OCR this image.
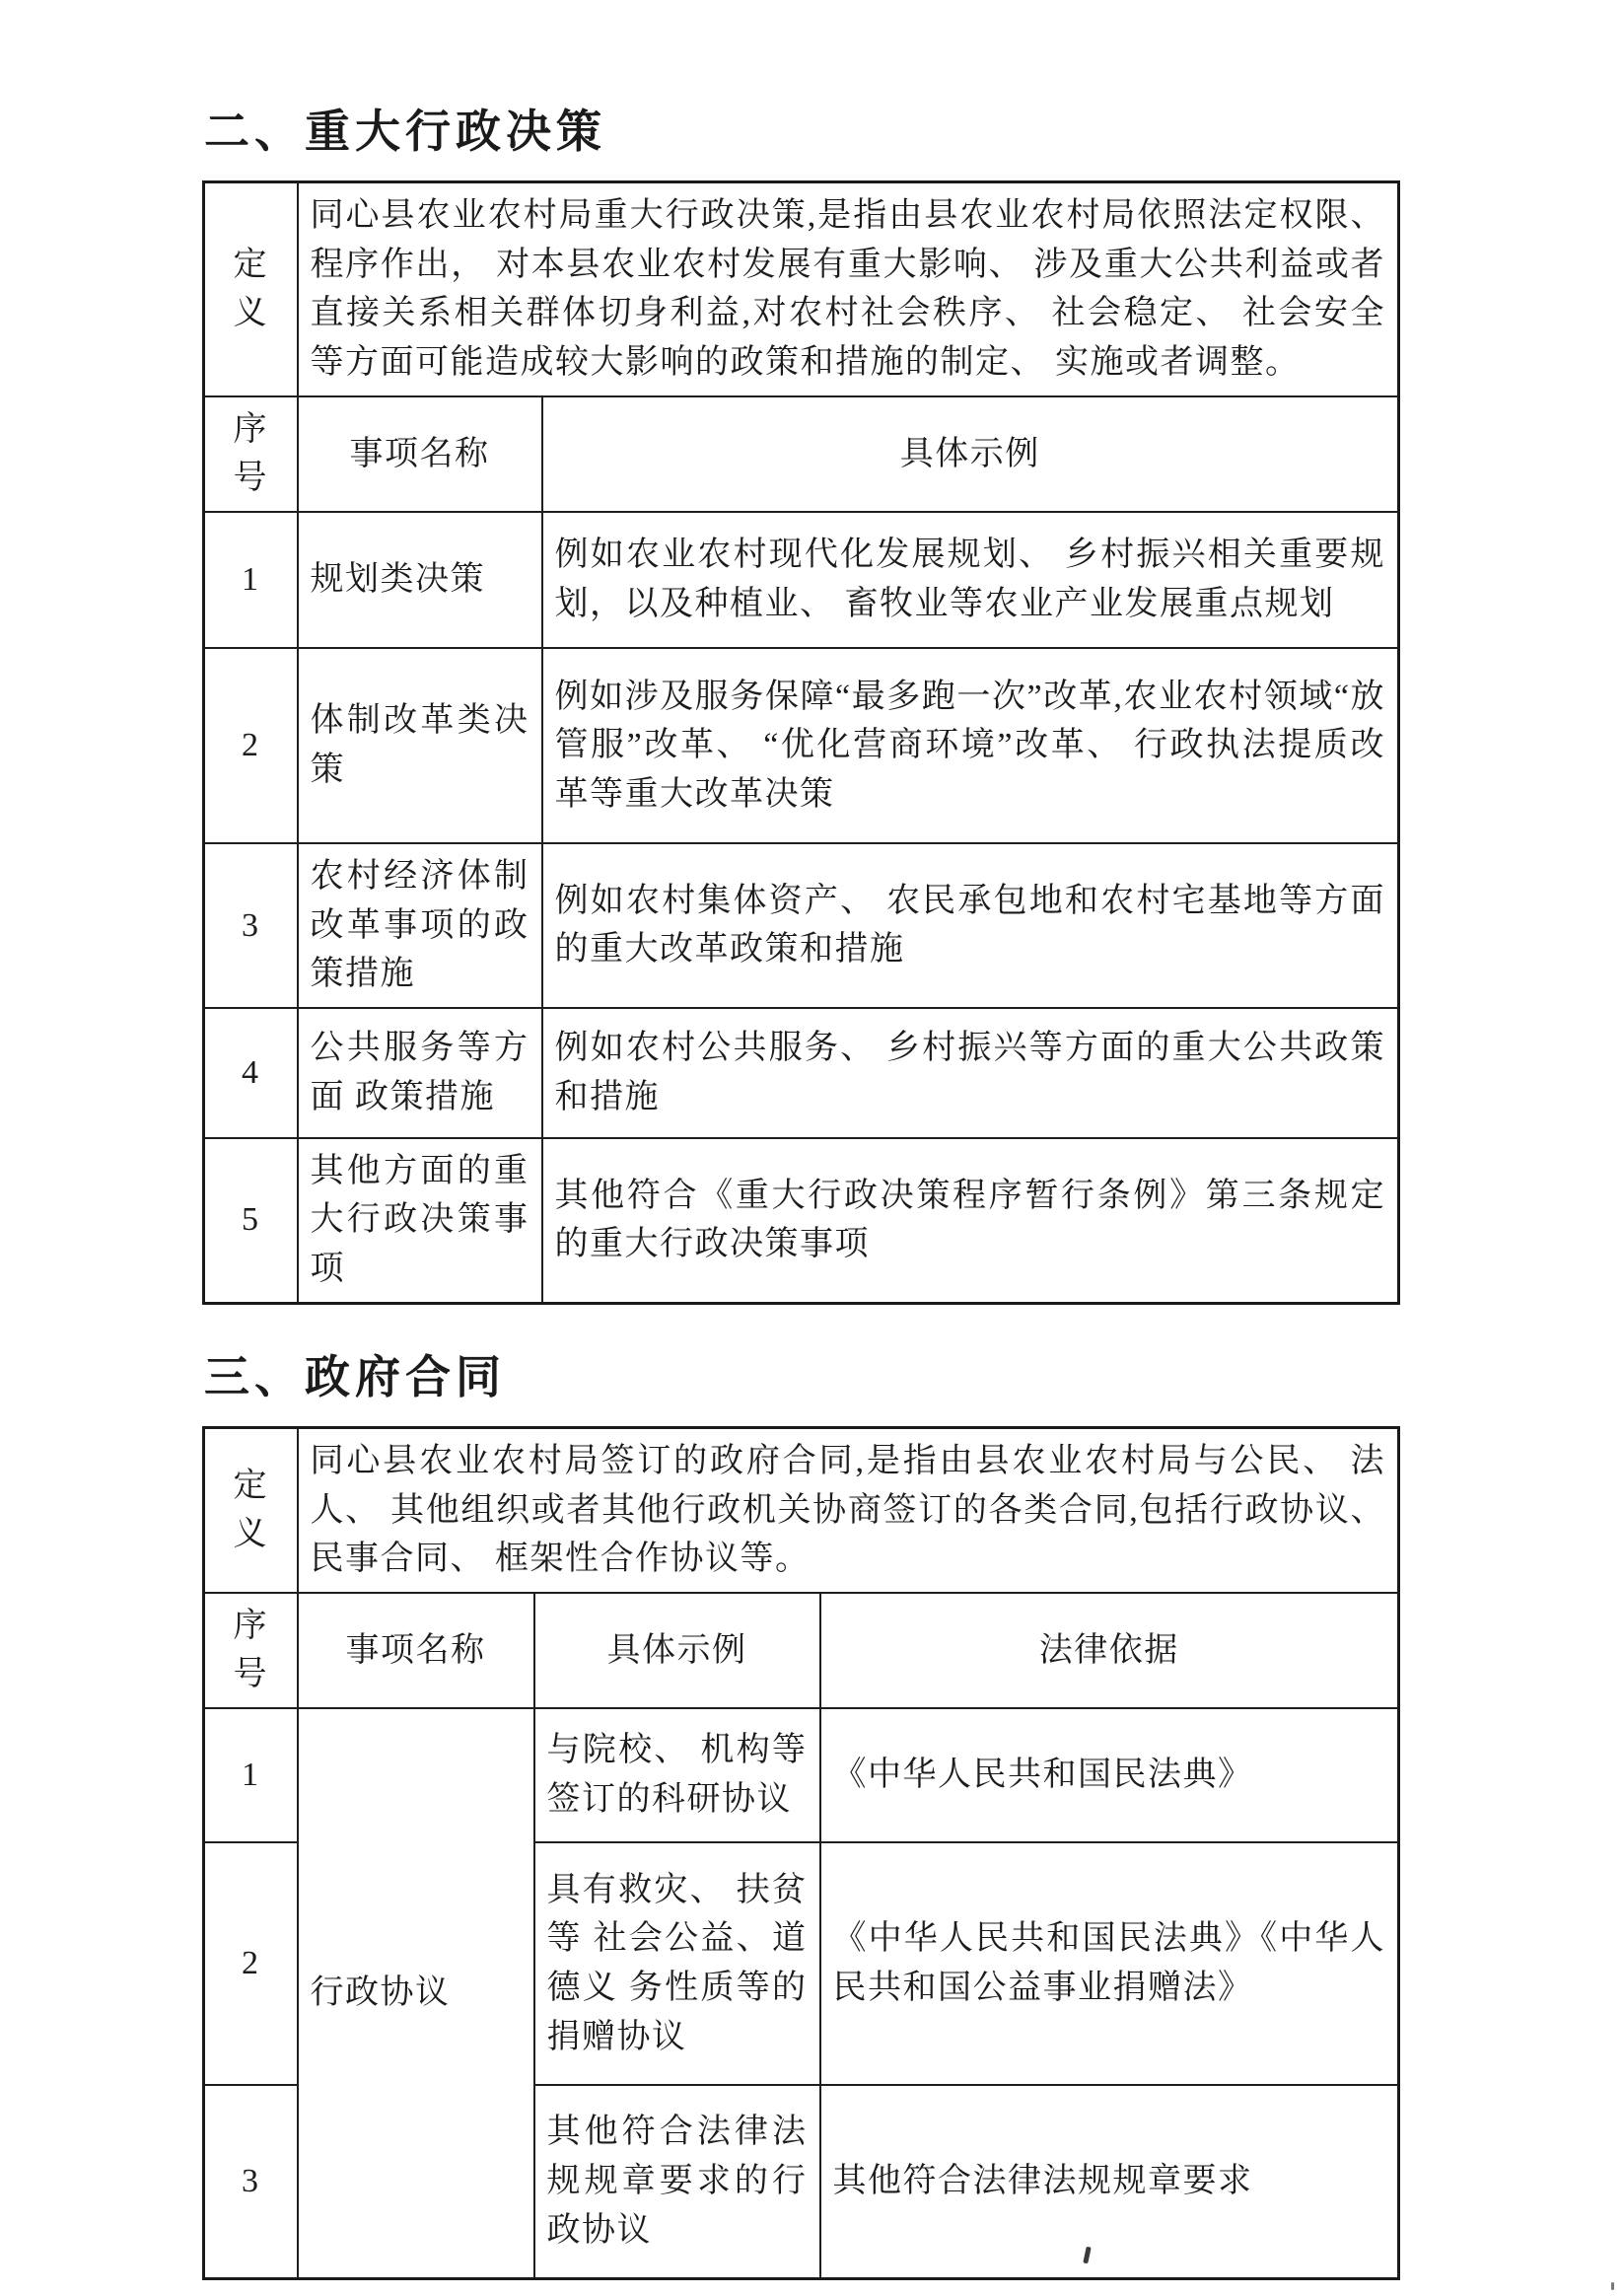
二、重大行政决策
定义	同心县农业农村局重大行政决策,是指由县农业农村局依照法定权限、程序作出， 对本县农业农村发展有重大影响、 涉及重大公共利益或者直接关系相关群体切身利益,对农村社会秩序、 社会稳定、 社会安全等方面可能造成较大影响的政策和措施的制定、 实施或者调整。	
序号	事项名称	具体示例
1	规划类决策	例如农业农村现代化发展规划、 乡村振兴相关重要规划，以及种植业、 畜牧业等农业产业发展重点规划
2	体制改革类决策	例如涉及服务保障“最多跑一次”改革,农业农村领域“放管服”改革、 “优化营商环境”改革、 行政执法提质改革等重大改革决策
3	农村经济体制改革事项的政策措施	例如农村集体资产、 农民承包地和农村宅基地等方面的重大改革政策和措施
4	公共服务等方面 政策措施	例如农村公共服务、 乡村振兴等方面的重大公共政策和措施
5	其他方面的重大行政决策事项	其他符合《重大行政决策程序暂行条例》第三条规定的重大行政决策事项
三、政府合同
定义	同心县农业农村局签订的政府合同,是指由县农业农村局与公民、 法人、 其他组织或者其他行政机关协商签订的各类合同,包括行政协议、 民事合同、 框架性合作协议等。		
序号	事项名称	具体示例	法律依据
1	行政协议	与院校、 机构等签订的科研协议	《中华人民共和国民法典》
2		具有救灾、 扶贫等 社会公益、道德义 务性质等的捐赠协议	《中华人民共和国民法典》《中华人民共和国公益事业捐赠法》
3		其他符合法律法规规章要求的行政协议	其他符合法律法规规章要求
